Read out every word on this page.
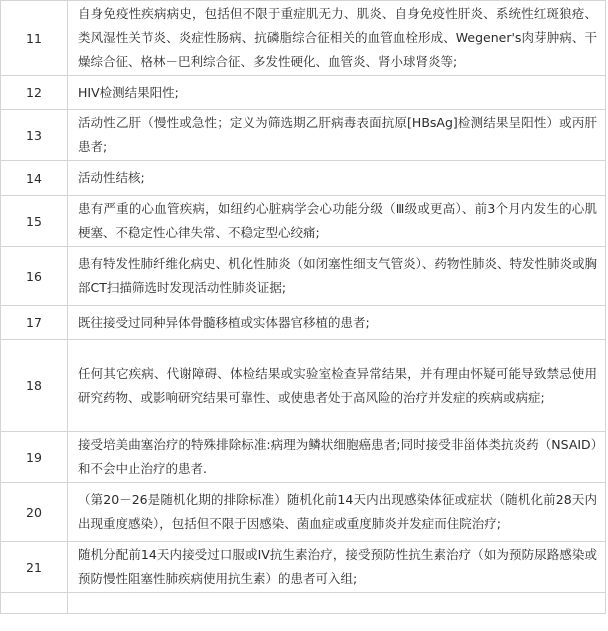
11	自身免疫性疾病病史，包括但不限于重症肌无力、肌炎、自身免疫性肝炎、系统性红斑狼疮、类风湿性关节炎、炎症性肠病、抗磷脂综合征相关的血管血栓形成、Wegener's肉芽肿病、干燥综合征、格林－巴利综合征、多发性硬化、血管炎、肾小球肾炎等;
12	HIV检测结果阳性;
13	活动性乙肝（慢性或急性；定义为筛选期乙肝病毒表面抗原[HBsAg]检测结果呈阳性）或丙肝患者;
14	活动性结核;
15	患有严重的心血管疾病，如纽约心脏病学会心功能分级（Ⅲ级或更高）、前3个月内发生的心肌梗塞、不稳定性心律失常、不稳定型心绞痛;
16	患有特发性肺纤维化病史、机化性肺炎（如闭塞性细支气管炎）、药物性肺炎、特发性肺炎或胸部CT扫描筛选时发现活动性肺炎证据;
17	既往接受过同种异体骨髓移植或实体器官移植的患者;
18	任何其它疾病、代谢障碍、体检结果或实验室检查异常结果，并有理由怀疑可能导致禁忌使用研究药物、或影响研究结果可靠性、或使患者处于高风险的治疗并发症的疾病或病症;
19	接受培美曲塞治疗的特殊排除标准:病理为鳞状细胞癌患者;同时接受非甾体类抗炎药（NSAID）和不会中止治疗的患者.
20	（第20－26是随机化期的排除标准）随机化前14天内出现感染体征或症状（随机化前28天内出现重度感染），包括但不限于因感染、菌血症或重度肺炎并发症而住院治疗;
21	随机分配前14天内接受过口服或IV抗生素治疗，接受预防性抗生素治疗（如为预防尿路感染或预防慢性阻塞性肺疾病使用抗生素）的患者可入组;
